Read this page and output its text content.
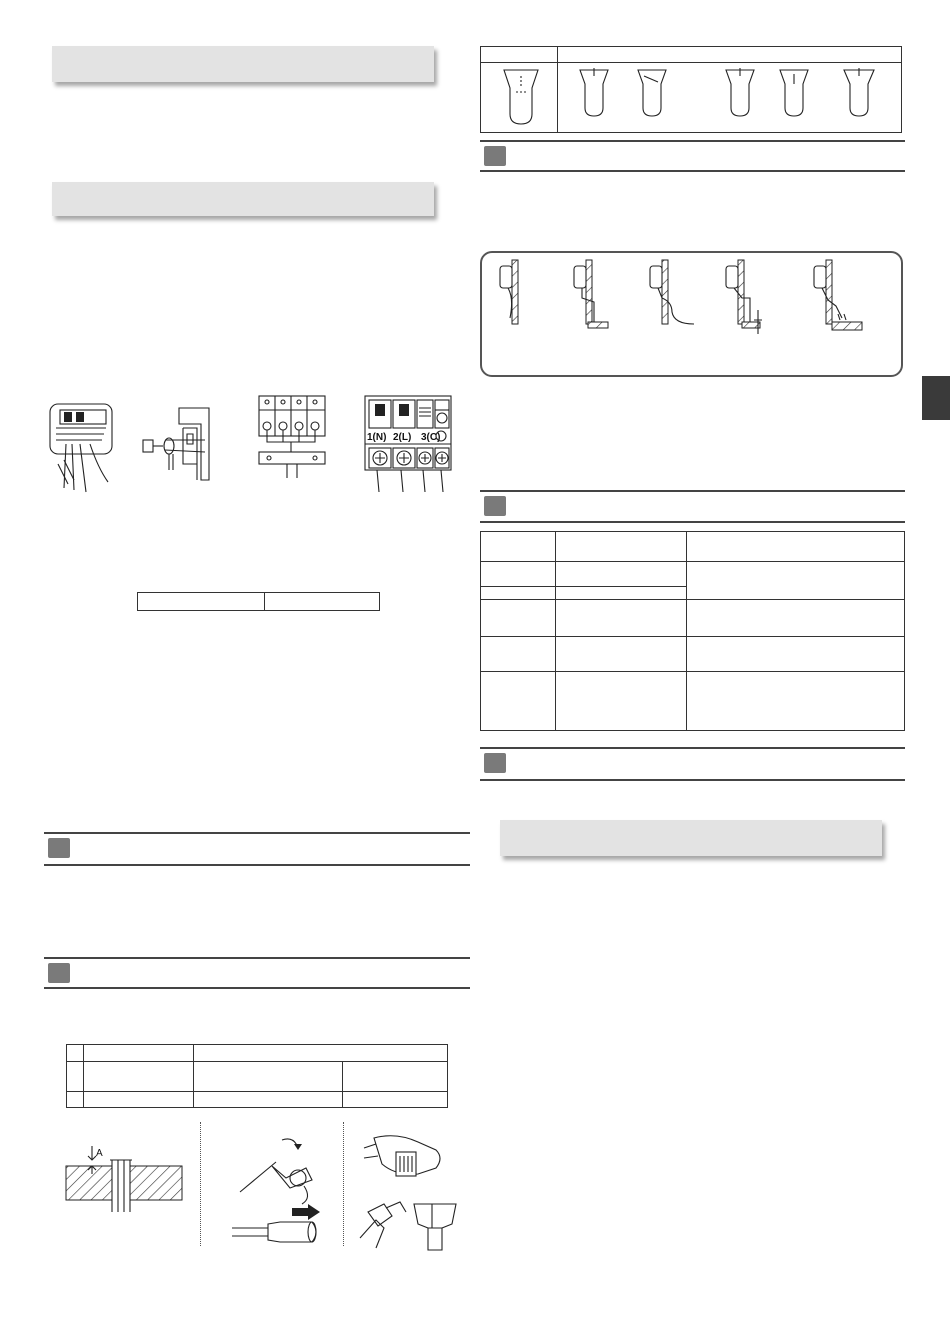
1(N) 2(L) 3(C)

A
